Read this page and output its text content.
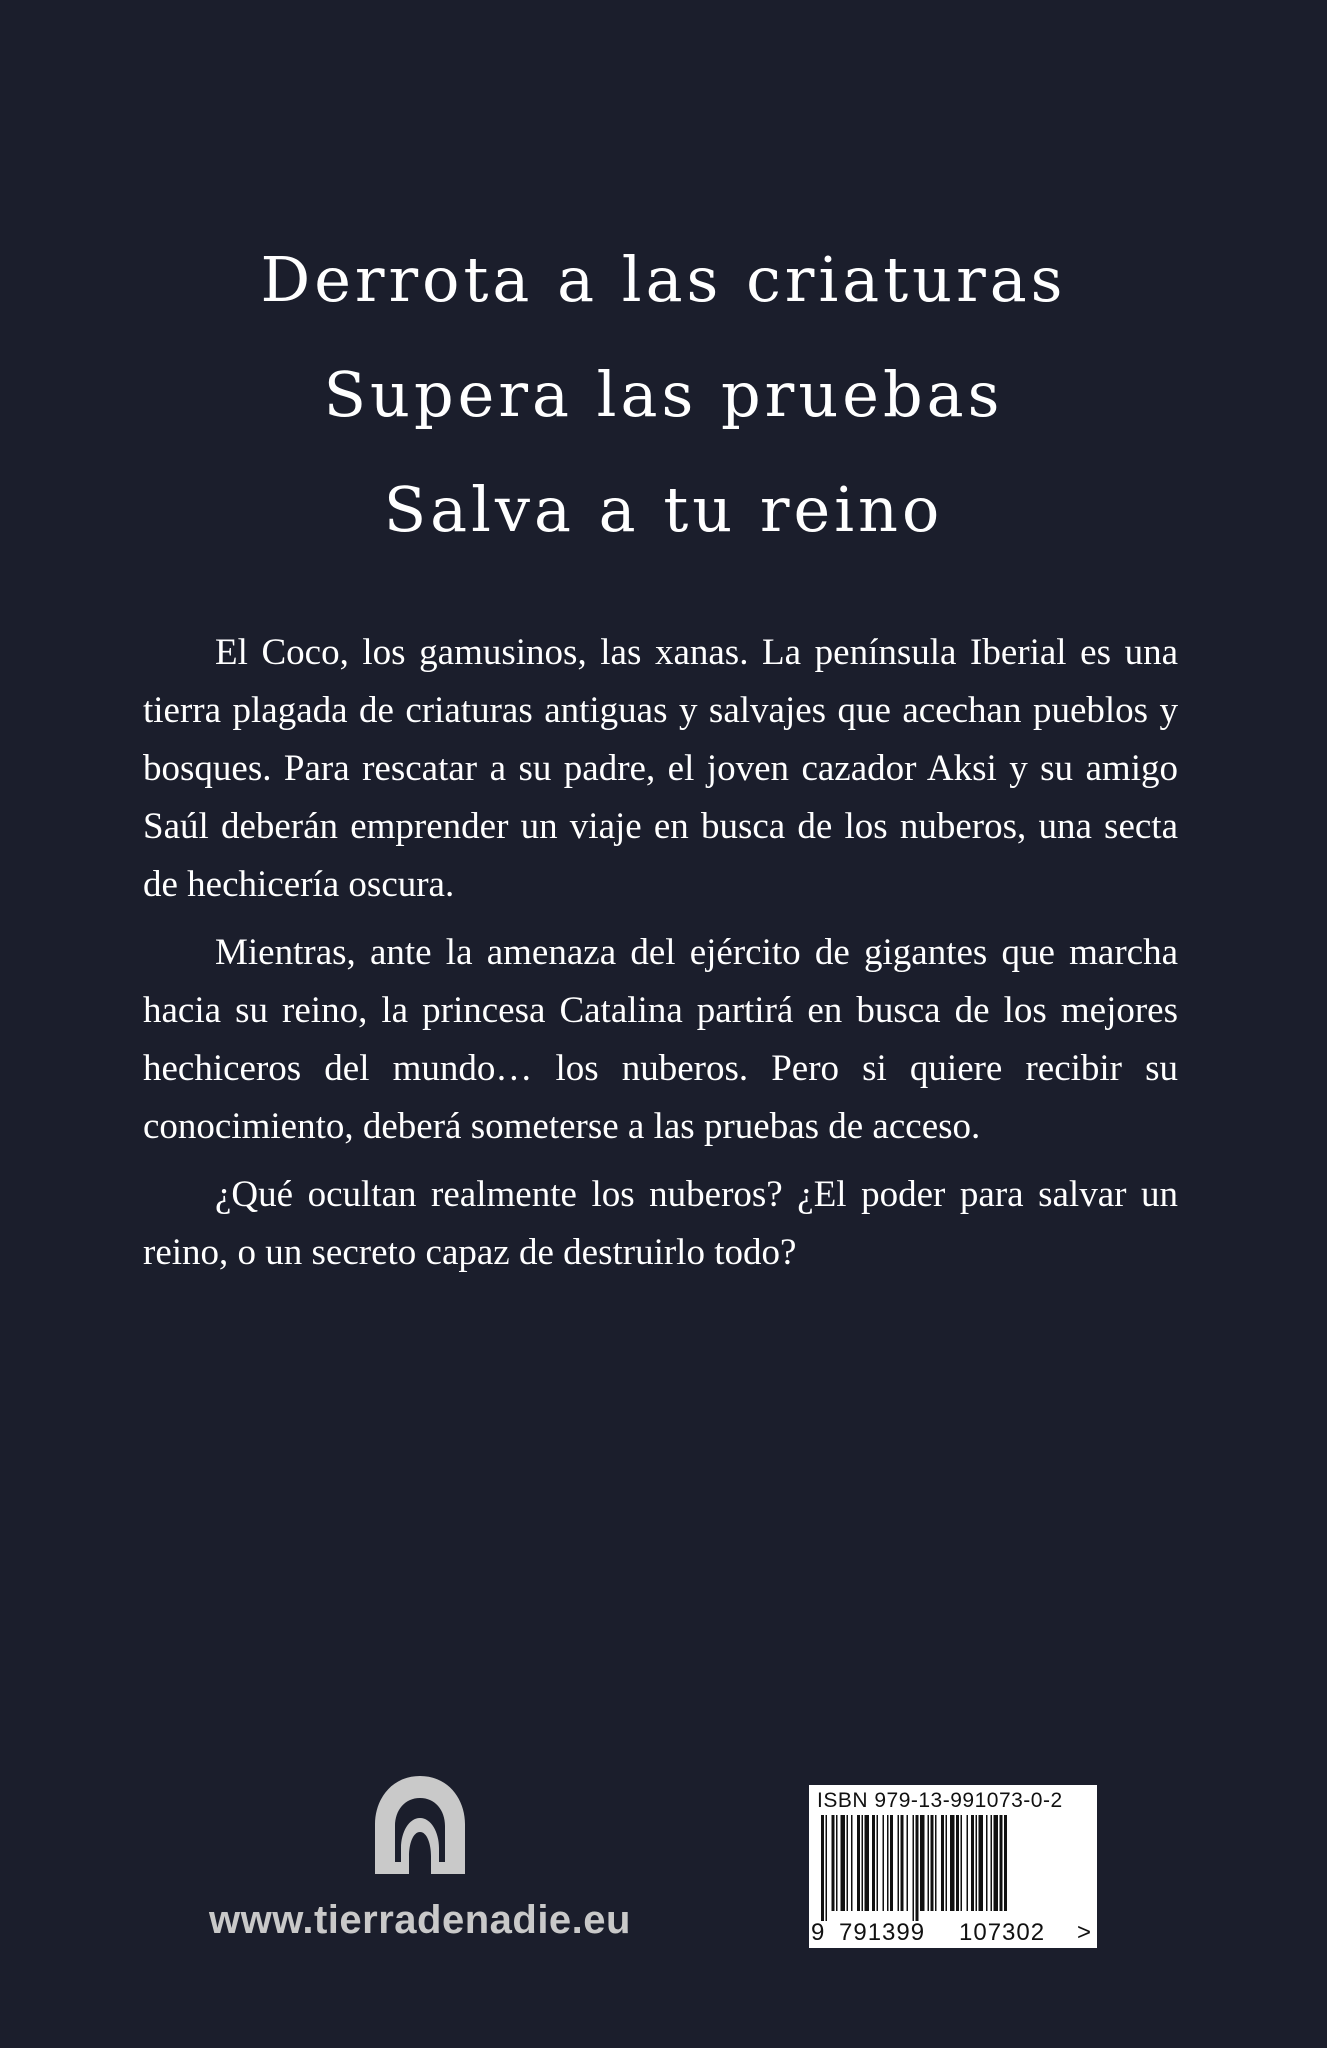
Derrota a las criaturas
Supera las pruebas
Salva a tu reino

El Coco, los gamusinos, las xanas. La península Iberial es una tierra plagada de criaturas antiguas y salvajes que acechan pueblos y bosques. Para rescatar a su padre, el joven cazador Aksi y su amigo Saúl deberán emprender un viaje en busca de los nuberos, una secta de hechicería oscura.

Mientras, ante la amenaza del ejército de gigantes que marcha hacia su reino, la princesa Catalina partirá en busca de los mejores hechiceros del mundo… los nuberos. Pero si quiere recibir su conocimiento, deberá someterse a las pruebas de acceso.

¿Qué ocultan realmente los nuberos? ¿El poder para salvar un reino, o un secreto capaz de destruirlo todo?

www.tierradenadie.eu
ISBN 979-13-991073-0-2
9 791399 107302 >
